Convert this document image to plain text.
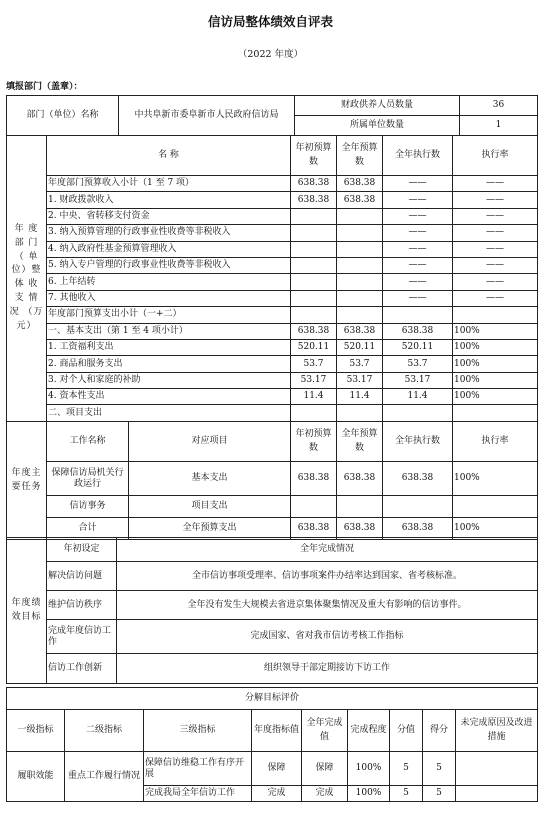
信访局整体绩效自评表
（2022 年度）
填报部门（盖章）：
部门（单位）名称	中共阜新市委阜新市人民政府信访局	财政供养人员数量	36
		所属单位数量	1
年 度 部 门 （ 单 位）整体 收 支 情 况 （万元）	名 称	年初预算数	全年预算数	全年执行数	执行率
	年度部门预算收入小计（1 至 7 项）	638.38	638.38	——	——
	1. 财政拨款收入	638.38	638.38	——	——
	2. 中央、省转移支付资金			——	——
	3. 纳入预算管理的行政事业性收费等非税收入			——	——
	4. 纳入政府性基金预算管理收入			——	——
	5. 纳入专户管理的行政事业性收费等非税收入			——	——
	6. 上年结转			——	——
	7. 其他收入			——	——
	年度部门预算支出小计（一+二）				
	一、基本支出（第 1 至 4 项小计）	638.38	638.38	638.38	100%
	1. 工资福利支出	520.11	520.11	520.11	100%
	2. 商品和服务支出	53.7	53.7	53.7	100%
	3. 对个人和家庭的补助	53.17	53.17	53.17	100%
	4. 资本性支出	11.4	11.4	11.4	100%
	二、项目支出				
年度主要任务	工作名称	对应项目	年初预算数	全年预算数	全年执行数	执行率
	保障信访局机关行政运行	基本支出	638.38	638.38	638.38	100%
	信访事务	项目支出				
	合计	全年预算支出	638.38	638.38	638.38	100%
年度绩效目标	年初设定	全年完成情况
	解决信访问题	全市信访事项受理率、信访事项案件办结率达到国家、省考核标准。
	维护信访秩序	全年没有发生大规模去省进京集体聚集情况及重大有影响的信访事件。
	完成年度信访工作	完成国家、省对我市信访考核工作指标
	信访工作创新	组织领导干部定期接访下访工作
分解目标评价								
一级指标	二级指标	三级指标	年度指标值	全年完成值	完成程度	分值	得分	未完成原因及改进措施
履职效能	重点工作履行情况	保障信访维稳工作有序开展	保障	保障	100%	5	5	
		完成我局全年信访工作	完成	完成	100%	5	5	
